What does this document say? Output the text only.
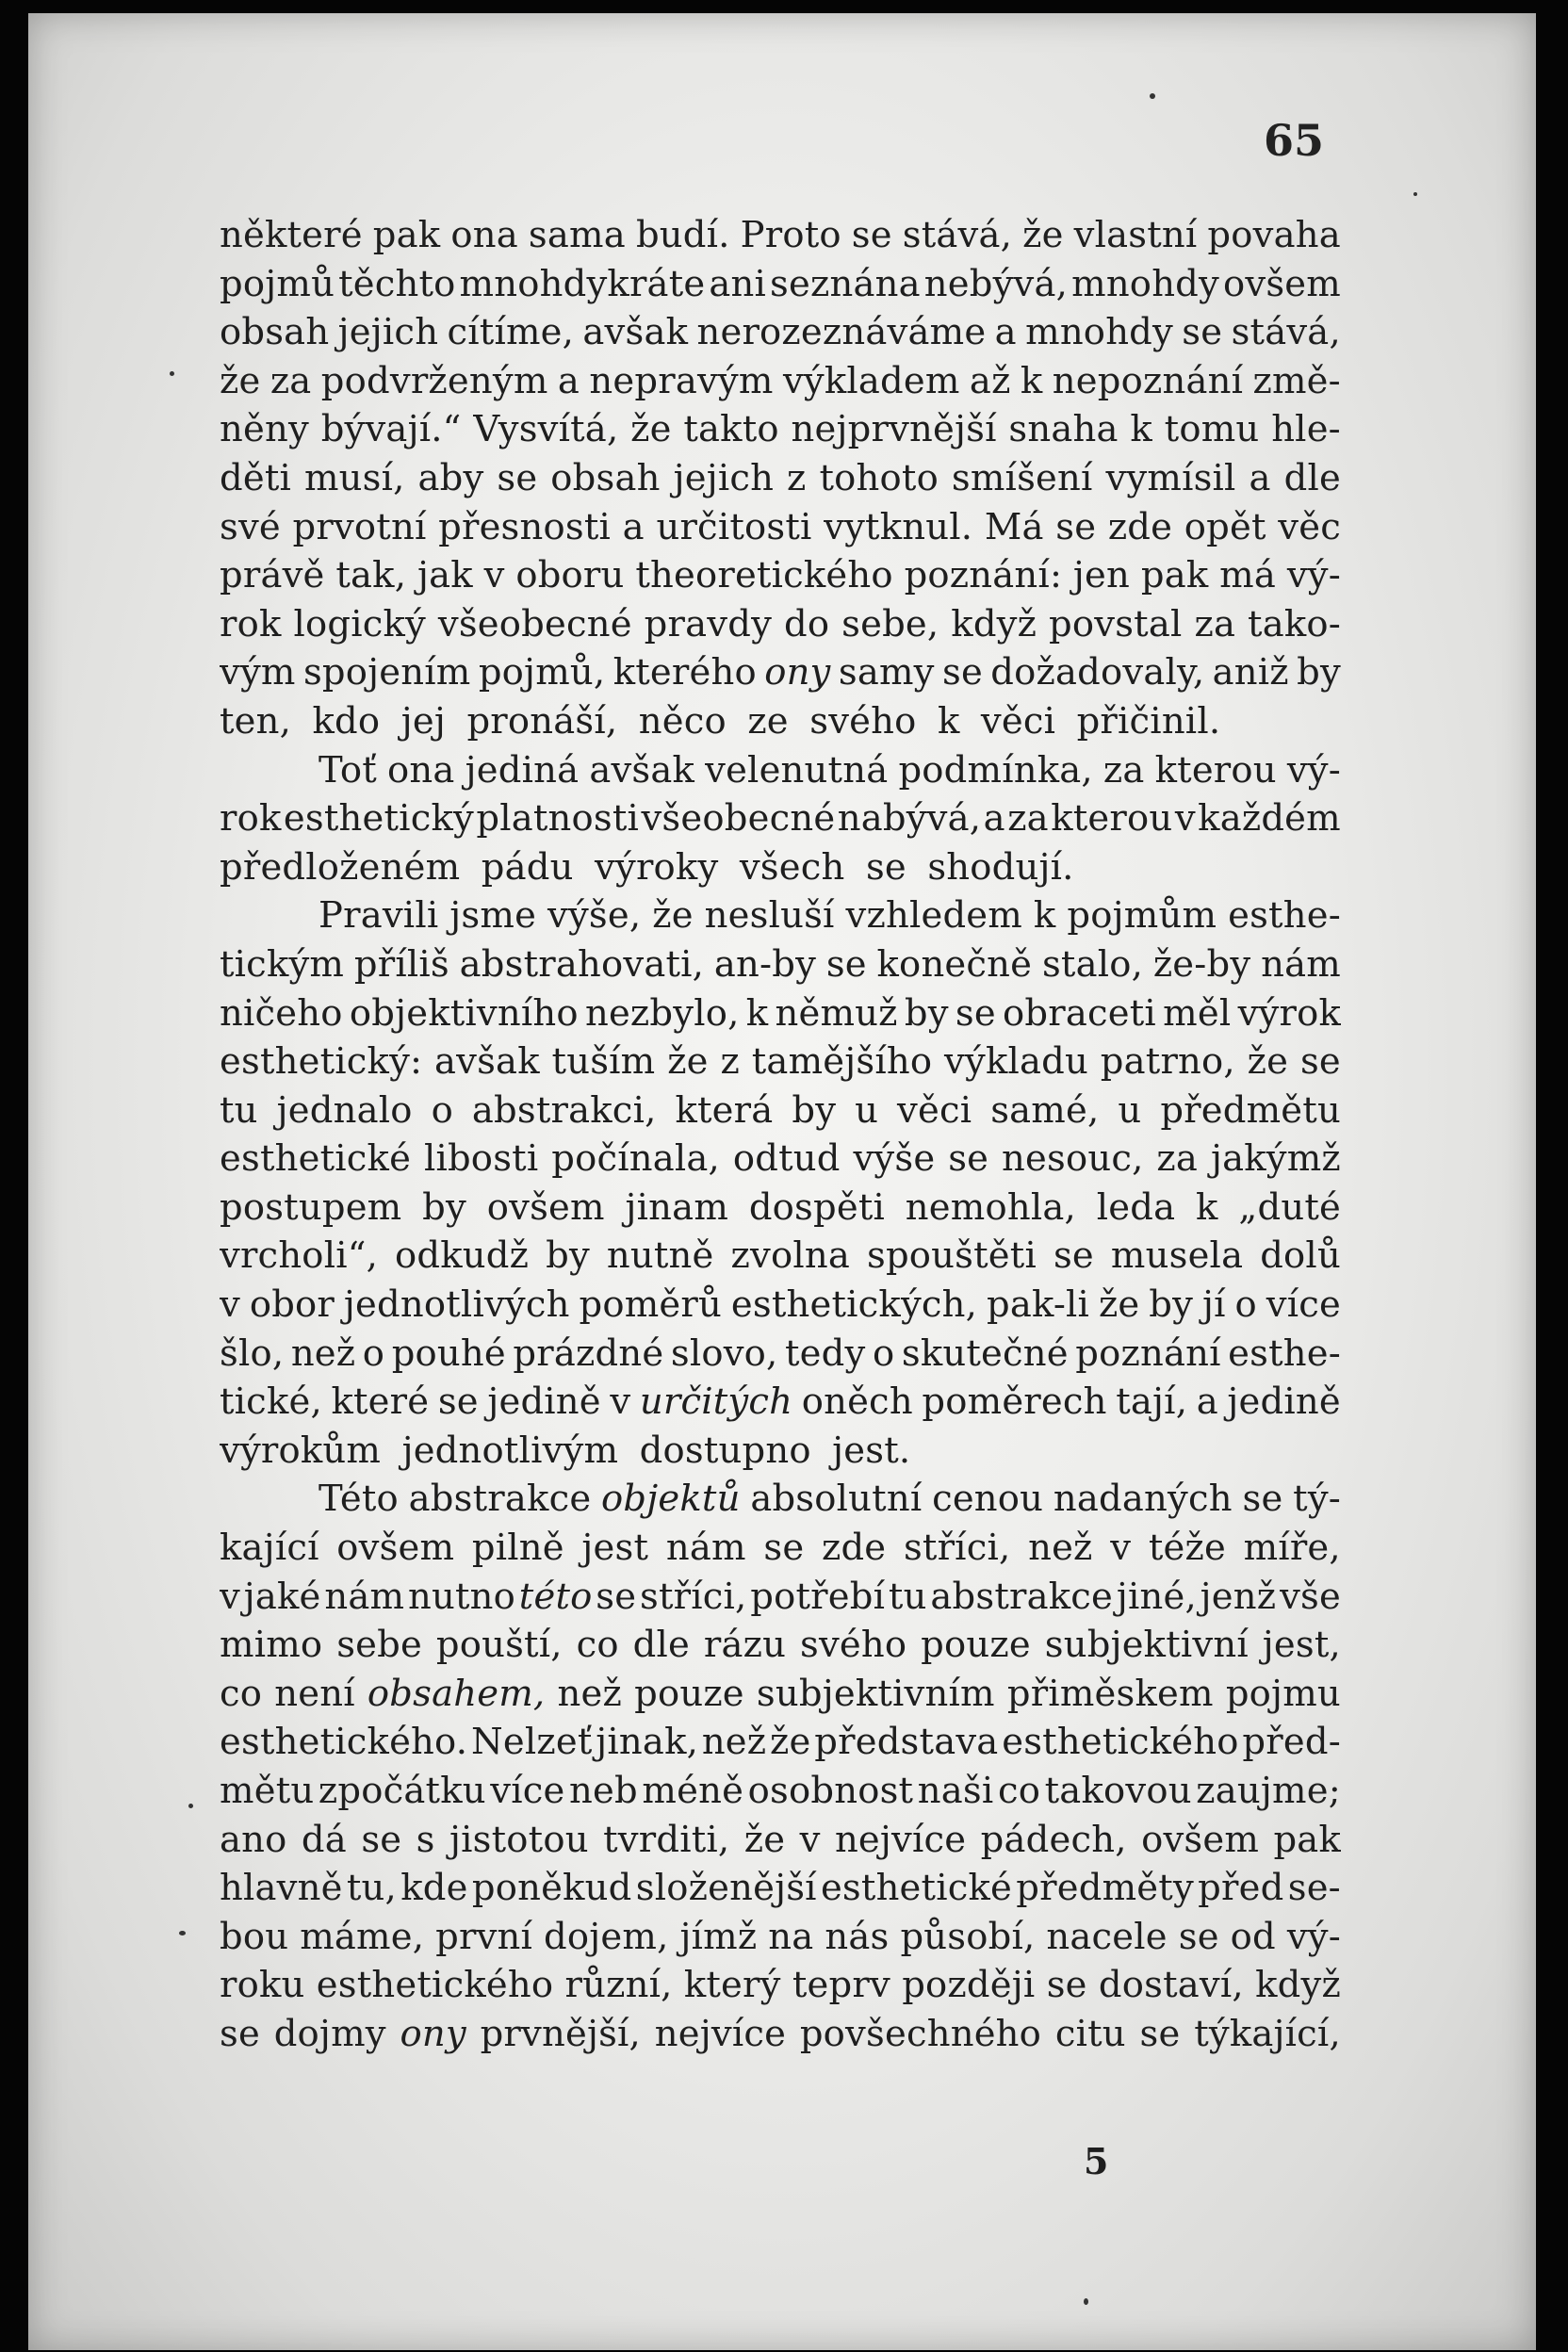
65
některé pak ona sama budí. Proto se stává, že vlastní povaha
pojmů těchto mnohdykráte ani seznána nebývá, mnohdy ovšem
obsah jejich cítíme, avšak nerozeznáváme a mnohdy se stává,
že za podvrženým a nepravým výkladem až k nepoznání změ-
něny bývají.“ Vysvítá, že takto nejprvnější snaha k tomu hle-
děti musí, aby se obsah jejich z tohoto smíšení vymísil a dle
své prvotní přesnosti a určitosti vytknul. Má se zde opět věc
právě tak, jak v oboru theoretického poznání: jen pak má vý-
rok logický všeobecné pravdy do sebe, když povstal za tako-
vým spojením pojmů, kterého ony samy se dožadovaly, aniž by
ten, kdo jej pronáší, něco ze svého k věci přičinil.
Toť ona jediná avšak velenutná podmínka, za kterou vý-
rok esthetický platnosti všeobecné nabývá, a za kterou v každém
předloženém pádu výroky všech se shodují.
Pravili jsme výše, že nesluší vzhledem k pojmům esthe-
tickým příliš abstrahovati, an-by se konečně stalo, že-by nám
ničeho objektivního nezbylo, k němuž by se obraceti měl výrok
esthetický: avšak tuším že z tamějšího výkladu patrno, že se
tu jednalo o abstrakci, která by u věci samé, u předmětu
esthetické libosti počínala, odtud výše se nesouc, za jakýmž
postupem by ovšem jinam dospěti nemohla, leda k „duté
vrcholi“, odkudž by nutně zvolna spouštěti se musela dolů
v obor jednotlivých poměrů esthetických, pak-li že by jí o více
šlo, než o pouhé prázdné slovo, tedy o skutečné poznání esthe-
tické, které se jedině v určitých oněch poměrech tají, a jedině
výrokům jednotlivým dostupno jest.
Této abstrakce objektů absolutní cenou nadaných se tý-
kající ovšem pilně jest nám se zde stříci, než v téže míře,
v jaké nám nutno této se stříci, potřebí tu abstrakce jiné, jenž vše
mimo sebe pouští, co dle rázu svého pouze subjektivní jest,
co není obsahem, než pouze subjektivním přiměskem pojmu
esthetického. Nelzeť jinak, než že představa esthetického před-
mětu zpočátku více neb méně osobnost naši co takovou zaujme;
ano dá se s jistotou tvrditi, že v nejvíce pádech, ovšem pak
hlavně tu, kde poněkud složenější esthetické předměty před se-
bou máme, první dojem, jímž na nás působí, nacele se od vý-
roku esthetického různí, který teprv později se dostaví, když
se dojmy ony prvnější, nejvíce povšechného citu se týkající,
5
